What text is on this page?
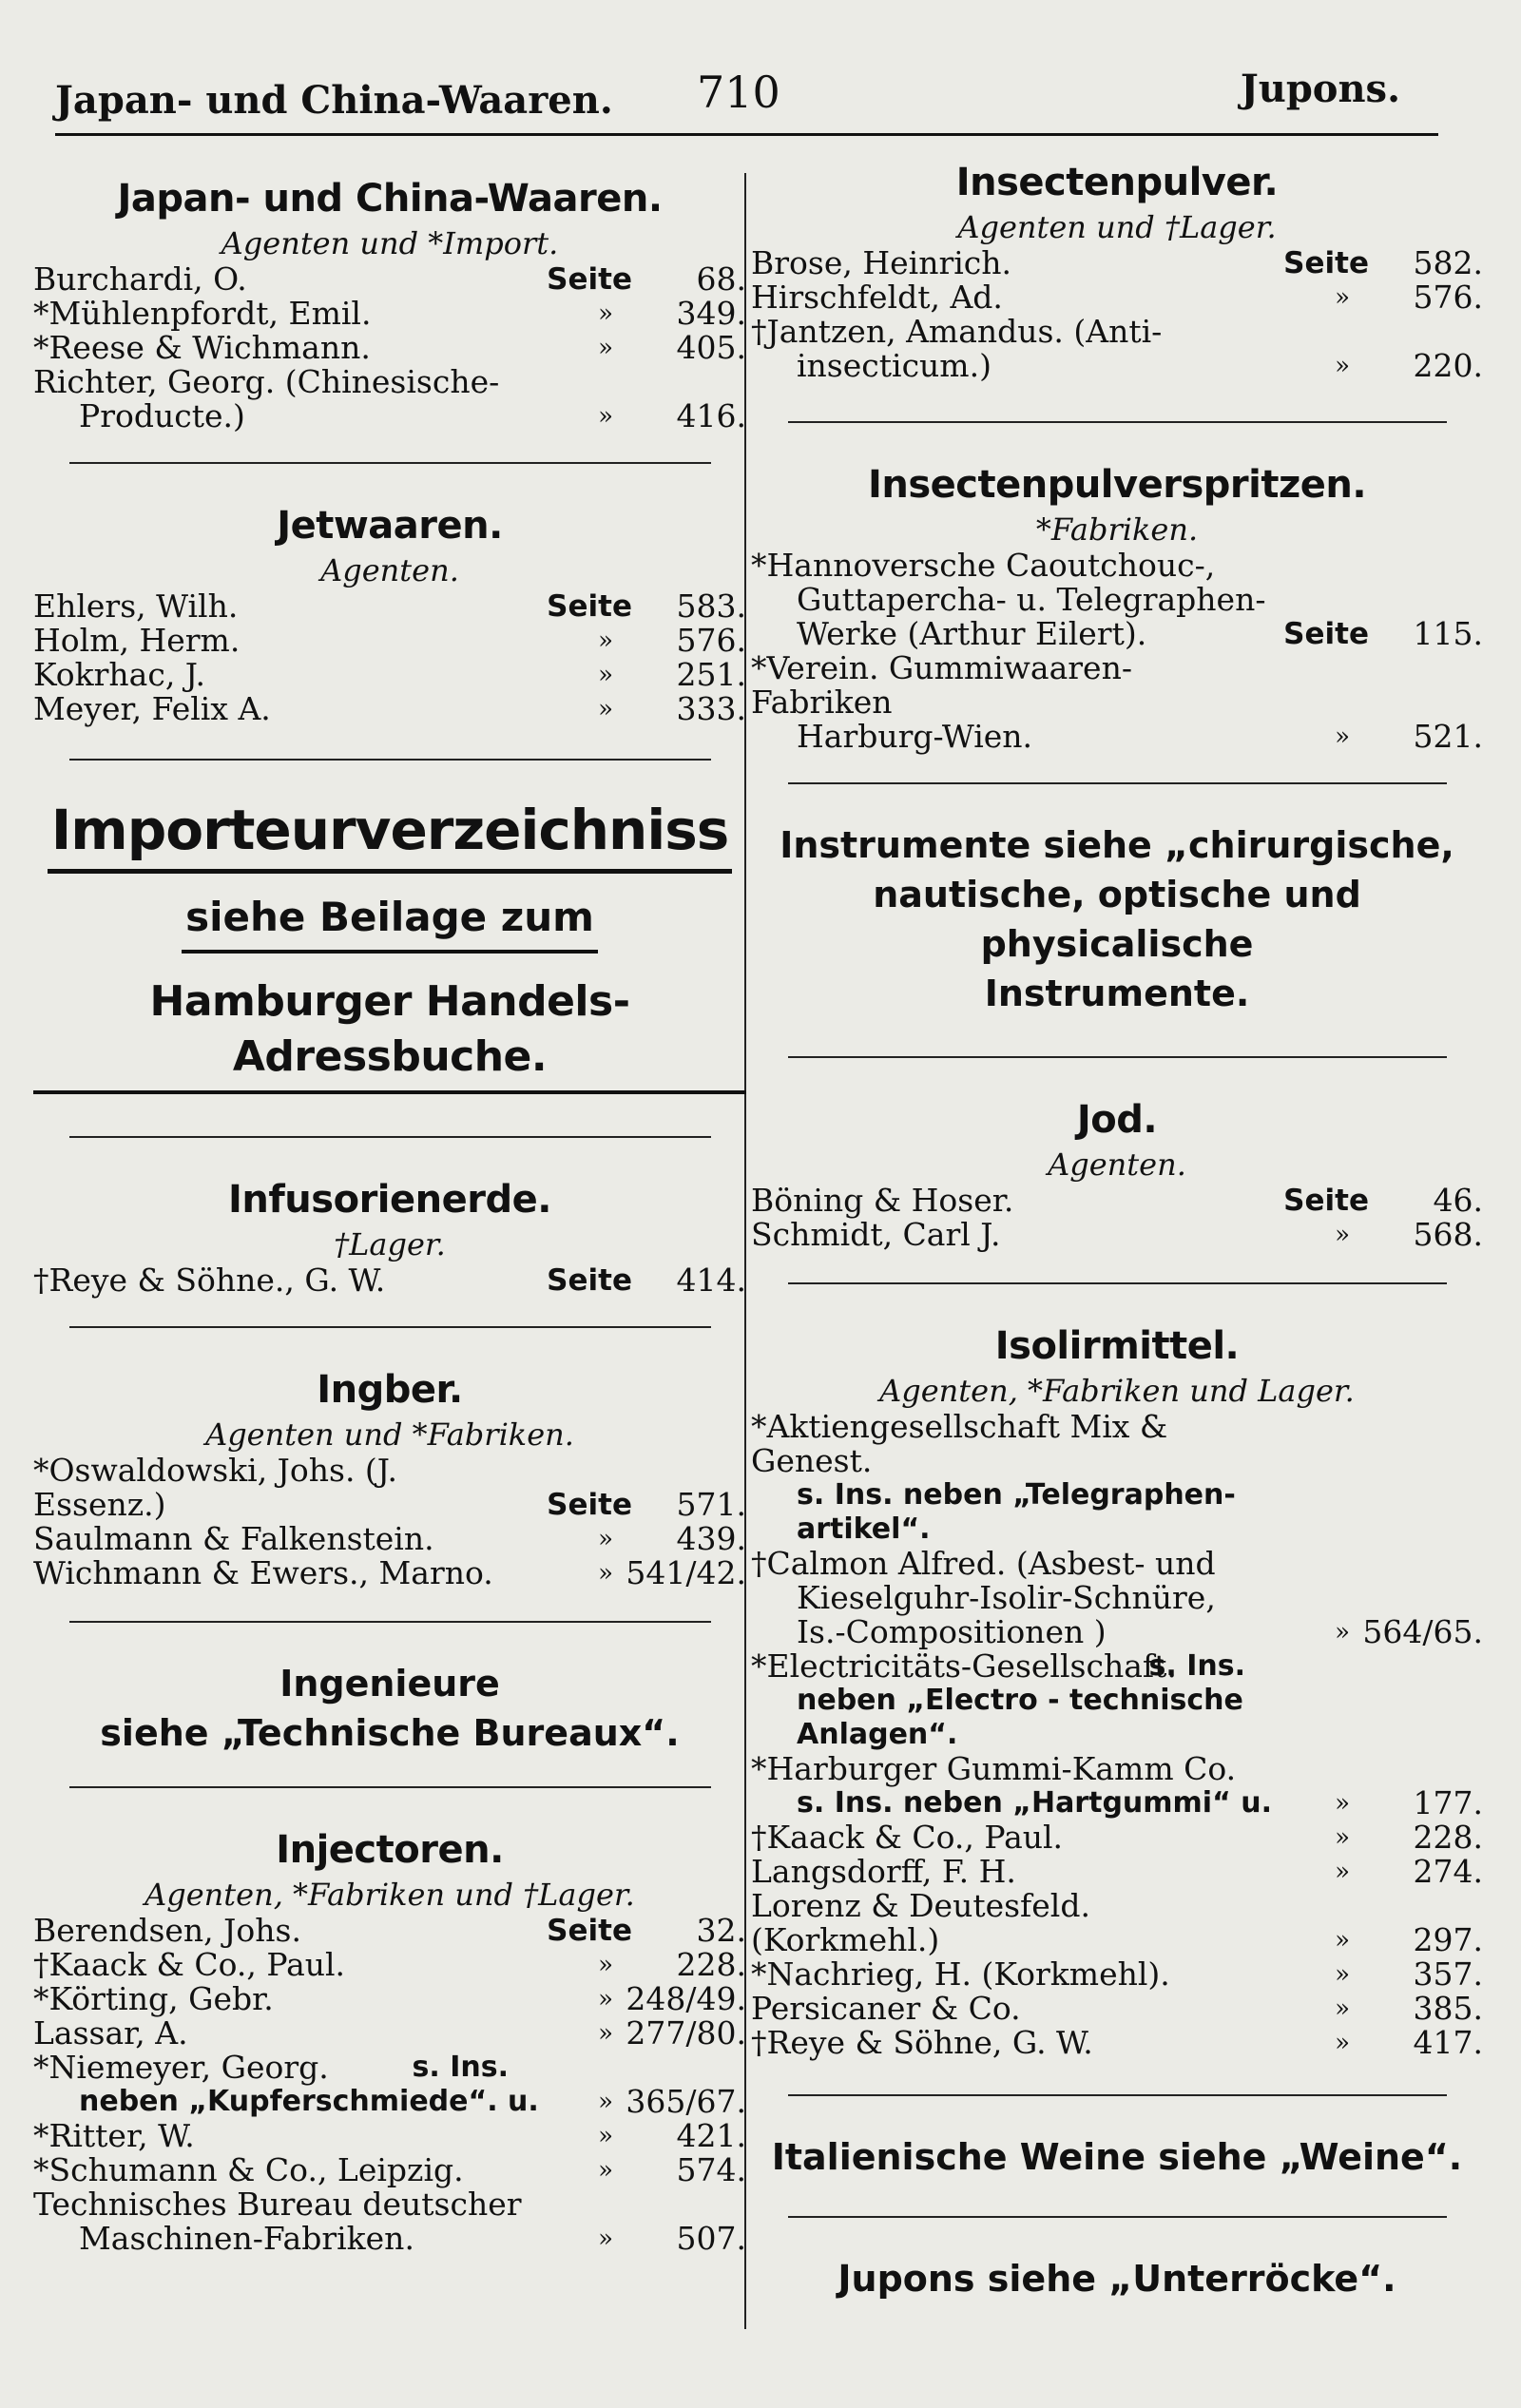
Japan- und China-Waaren. 710	Jupons.
Japan- und China-Waaren.
Agenten und *Import.
Burchardi, O.	Seite 68.
*Mühlenpfordt, Emil.	» 349.
*Reese & Wichmann.	» 405.
Richter, Georg. (Chinesische-
Producte.)	» 416.
Jetwaaren.
Agenten.
Ehlers, Wilh.	Seite 583.
Holm, Herm.	» 576.
Kokrhac, J.	» 251.
Meyer, Felix A.	» 333.
Importeurverzeichniss
siehe Beilage zum
Hamburger Handels-Adressbuche.
Infusorienerde.
†Lager.
†Reye & Söhne., G. W.	Seite 414.
Ingber.
Agenten und *Fabriken.
*Oswaldowski, Johs. (J. Essenz.)	Seite 571.
Saulmann & Falkenstein.	» 439.
Wichmann & Ewers., Marno.	» 541/42.
Ingenieure
siehe „Technische Bureaux“.
Injectoren.
Agenten, *Fabriken und †Lager.
Berendsen, Johs.	Seite 32.
†Kaack & Co., Paul.	» 228.
*Körting, Gebr.	» 248/49.
Lassar, A.	» 277/80.
*Niemeyer, Georg.	s. Ins.
neben „Kupferschmiede“. u.	» 365/67.
*Ritter, W.	» 421.
*Schumann & Co., Leipzig.	» 574.
Technisches Bureau deutscher
Maschinen-Fabriken.	» 507.
Insectenpulver.
Agenten und †Lager.
Brose, Heinrich.	Seite 582.
Hirschfeldt, Ad.	» 576.
†Jantzen, Amandus. (Anti-
insecticum.)	» 220.
Insectenpulverspritzen.
*Fabriken.
*Hannoversche Caoutchouc-,
Guttapercha- u. Telegraphen-
Werke (Arthur Eilert).	Seite 115.
*Verein. Gummiwaaren-Fabriken
Harburg-Wien.	» 521.
Instrumente siehe „chirurgische,
nautische, optische und physicalische
Instrumente.
Jod.
Agenten.
Böning & Hoser.	Seite 46.
Schmidt, Carl J.	» 568.
Isolirmittel.
Agenten, *Fabriken und Lager.
*Aktiengesellschaft Mix & Genest.
s. Ins. neben „Telegraphen-
artikel“.
†Calmon Alfred. (Asbest- und
Kieselguhr-Isolir-Schnüre,
Is.-Compositionen )	» 564/65.
*Electricitäts-Gesellschaft.
s. Ins.
neben „Electro - technische
Anlagen“.
*Harburger Gummi-Kamm Co.
s. Ins. neben „Hartgummi“ u.	» 177.
†Kaack & Co., Paul.	» 228.
Langsdorff, F. H.	» 274.
Lorenz & Deutesfeld. (Korkmehl.)	» 297.
*Nachrieg, H. (Korkmehl).	» 357.
Persicaner & Co.	» 385.
†Reye & Söhne, G. W.	» 417.
Italienische Weine siehe „Weine“.
Jupons siehe „Unterröcke“.
